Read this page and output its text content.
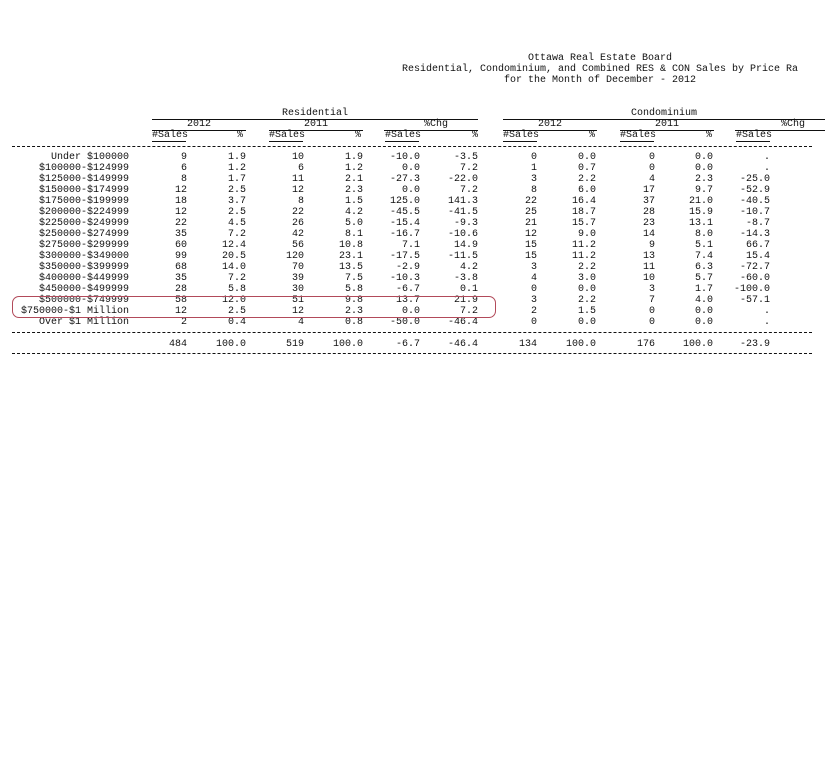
Ottawa Real Estate Board
Residential, Condominium, and Combined RES & CON Sales by Price Ra
for the Month of December - 2012
Residential	Condominium
2012	2011	%Chg	2012	2011	%Chg
#Sales	%	#Sales	% #Sales	% #Sales	% #Sales	% #Sales
Under $100000	9	1.9	10	1.9	-10.0	-3.5	0	0.0	0	0.0	.
$100000-$124999	6	1.2	6	1.2	0.0	7.2	1	0.7	0	0.0	.
$125000-$149999	8	1.7	11	2.1	-27.3	-22.0	3	2.2	4	2.3	-25.0
$150000-$174999	12	2.5	12	2.3	0.0	7.2	8	6.0	17	9.7	-52.9
$175000-$199999	18	3.7	8	1.5	125.0	141.3	22	16.4	37	21.0	-40.5
$200000-$224999	12	2.5	22	4.2	-45.5	-41.5	25	18.7	28	15.9	-10.7
$225000-$249999	22	4.5	26	5.0	-15.4	-9.3	21	15.7	23	13.1	-8.7
$250000-$274999	35	7.2	42	8.1	-16.7	-10.6	12	9.0	14	8.0	-14.3
$275000-$299999	60	12.4	56	10.8	7.1	14.9	15	11.2	9	5.1	66.7
$300000-$349000	99	20.5	120	23.1	-17.5	-11.5	15	11.2	13	7.4	15.4
$350000-$399999	68	14.0	70	13.5	-2.9	4.2	3	2.2	11	6.3	-72.7
$400000-$449999	35	7.2	39	7.5	-10.3	-3.8	4	3.0	10	5.7	-60.0
$450000-$499999	28	5.8	30	5.8	-6.7	0.1	0	0.0	3	1.7 -100.0
$500000-$749999	58	12.0	51	9.8	13.7	21.9	3	2.2	7	4.0	-57.1
$750000-$1 Million	12	2.5	12	2.3	0.0	7.2	2	1.5	0	0.0	.
Over $1 Million	2	0.4	4	0.8	-50.0	-46.4	0	0.0	0	0.0	.
484	100.0	519	100.0	-6.7	-46.4	134	100.0	176	100.0	-23.9
